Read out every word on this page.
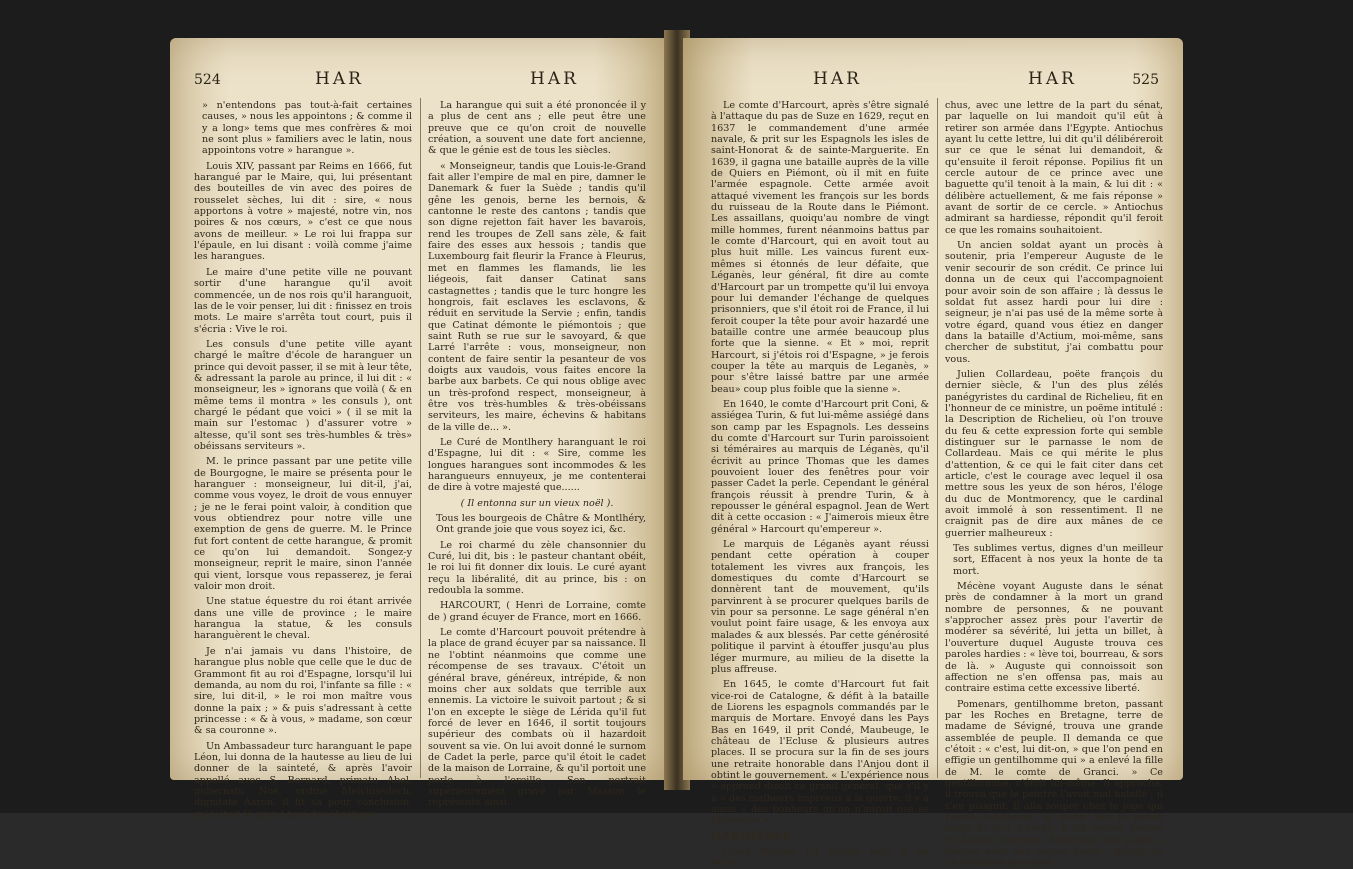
524	HAR	HAR

» n'entendons pas tout-à-fait certaines causes, » nous les appointons ; & comme il y a long» tems que mes confrères & moi ne sont plus » familiers avec le latin, nous appointons votre » harangue ».

Louis XIV, passant par Reims en 1666, fut harangué par le Maire, qui, lui présentant des bouteilles de vin avec des poires de rousselet sèches, lui dit : sire, « nous apportons à votre » majesté, notre vin, nos poires & nos cœurs, » c'est ce que nous avons de meilleur. » Le roi lui frappa sur l'épaule, en lui disant : voilà comme j'aime les harangues.

Le maire d'une petite ville ne pouvant sortir d'une harangue qu'il avoit commencée, un de nos rois qu'il haranguoit, las de le voir penser, lui dit : finissez en trois mots. Le maire s'arrêta tout court, puis il s'écria : Vive le roi.

Les consuls d'une petite ville ayant chargé le maître d'école de haranguer un prince qui devoit passer, il se mit à leur tête, & adressant la parole au prince, il lui dit : « monseigneur, les » ignorans que voilà ( & en même tems il montra » les consuls ), ont chargé le pédant que voici » ( il se mit la main sur l'estomac ) d'assurer votre » altesse, qu'il sont ses très-humbles & très» obéissans serviteurs ».

M. le prince passant par une petite ville de Bourgogne, le maire se présenta pour le haranguer : monseigneur, lui dit-il, j'ai, comme vous voyez, le droit de vous ennuyer ; je ne le ferai point valoir, à condition que vous obtiendrez pour notre ville une exemption de gens de guerre. M. le Prince fut fort content de cette harangue, & promit ce qu'on lui demandoit. Songez-y monseigneur, reprit le maire, sinon l'année qui vient, lorsque vous repasserez, je ferai valoir mon droit.

Une statue équestre du roi étant arrivée dans une ville de province ; le maire harangua la statue, & les consuls haranguèrent le cheval.

Je n'ai jamais vu dans l'histoire, de harangue plus noble que celle que le duc de Grammont fit au roi d'Espagne, lorsqu'il lui demanda, au nom du roi, l'infante sa fille : « sire, lui dit-il, » le roi mon maître vous donne la paix ; » & puis s'adressant à cette princesse : « & à vous, » madame, son cœur & sa couronne ».

Un Ambassadeur turc haranguant le pape Léon, lui donna de la hautesse au lieu de lui donner de la sainteté, & après l'avoir appellé avec S. Bernard, primatu Abel, gubernatu Noé, ordine Melchisédech, dignitate Aaron, il fit sa pour conclusion, qu'il étoit le grand turc des chrétiens.

La harangue qui suit a été prononcée il y a plus de cent ans ; elle peut être une preuve que ce qu'on croit de nouvelle création, a souvent une date fort ancienne, & que le génie est de tous les siècles.

« Monseigneur, tandis que Louis-le-Grand fait aller l'empire de mal en pire, damner le Danemark & fuer la Suède ; tandis qu'il gêne les genois, berne les bernois, & cantonne le reste des cantons ; tandis que son digne rejetton fait haver les bavarois, rend les troupes de Zell sans zèle, & fait faire des esses aux hessois ; tandis que Luxembourg fait fleurir la France à Fleurus, met en flammes les flamands, lie les liégeois, fait danser Catinat sans castagnettes ; tandis que le turc hongre les hongrois, fait esclaves les esclavons, & réduit en servitude la Servie ; enfin, tandis que Catinat démonte le piémontois ; que saint Ruth se rue sur le savoyard, & que Larré l'arrête : vous, monseigneur, non content de faire sentir la pesanteur de vos doigts aux vaudois, vous faites encore la barbe aux barbets. Ce qui nous oblige avec un très-profond respect, monseigneur, à être vos très-humbles & très-obéissans serviteurs, les maire, échevins & habitans de la ville de... ».

Le Curé de Montlhery haranguant le roi d'Espagne, lui dit : « Sire, comme les longues harangues sont incommodes & les harangueurs ennuyeux, je me contenterai de dire à votre majesté que......

( Il entonna sur un vieux noël ).

Tous les bourgeois de Châtre & Montlhéry, Ont grande joie que vous soyez ici, &c.

Le roi charmé du zèle chansonnier du Curé, lui dit, bis : le pasteur chantant obéit, le roi lui fit donner dix louis. Le curé ayant reçu la libéralité, dit au prince, bis : on redoubla la somme.

HARCOURT, ( Henri de Lorraine, comte de ) grand écuyer de France, mort en 1666.

Le comte d'Harcourt pouvoit prétendre à la place de grand écuyer par sa naissance. Il ne l'obtint néanmoins que comme une récompense de ses travaux. C'étoit un général brave, généreux, intrépide, & non moins cher aux soldats que terrible aux ennemis. La victoire le suivoit partout ; & si l'on en excepte le siège de Lérida qu'il fut forcé de lever en 1646, il sortit toujours supérieur des combats où il hazardoit souvent sa vie. On lui avoit donné le surnom de Cadet la perle, parce qu'il étoit le cadet de la maison de Lorraine, & qu'il portoit une perle à l'oreille. Son portrait supérieurement gravé par Masson le représente ainsi.

HAR	HAR	525

Le comte d'Harcourt, après s'être signalé à l'attaque du pas de Suze en 1629, reçut en 1637 le commandement d'une armée navale, & prit sur les Espagnols les isles de saint-Honorat & de sainte-Marguerite. En 1639, il gagna une bataille auprès de la ville de Quiers en Piémont, où il mit en fuite l'armée espagnole. Cette armée avoit attaqué vivement les françois sur les bords du ruisseau de la Route dans le Piémont. Les assaillans, quoiqu'au nombre de vingt mille hommes, furent néanmoins battus par le comte d'Harcourt, qui en avoit tout au plus huit mille. Les vaincus furent eux-mêmes si étonnés de leur défaite, que Léganès, leur général, fit dire au comte d'Harcourt par un trompette qu'il lui envoya pour lui demander l'échange de quelques prisonniers, que s'il étoit roi de France, il lui feroit couper la tête pour avoir hazardé une bataille contre une armée beaucoup plus forte que la sienne. « Et » moi, reprit Harcourt, si j'étois roi d'Espagne, » je ferois couper la tête au marquis de Leganès, » pour s'être laissé battre par une armée beau» coup plus foible que la sienne ».

En 1640, le comte d'Harcourt prit Coni, & assiégea Turin, & fut lui-même assiégé dans son camp par les Espagnols. Les desseins du comte d'Harcourt sur Turin paroissoient si téméraires au marquis de Léganès, qu'il écrivit au prince Thomas que les dames pouvoient louer des fenêtres pour voir passer Cadet la perle. Cependant le général françois réussit à prendre Turin, & à repousser le général espagnol. Jean de Wert dit à cette occasion : « J'aimerois mieux être général » Harcourt qu'empereur ».

Le marquis de Léganès ayant réussi pendant cette opération à couper totalement les vivres aux françois, les domestiques du comte d'Harcourt se donnèrent tant de mouvement, qu'ils parvinrent à se procurer quelques barils de vin pour sa personne. Le sage général n'en voulut point faire usage, & les envoya aux malades & aux blessés. Par cette générosité politique il parvint à étouffer jusqu'au plus léger murmure, au milieu de la disette la plus affreuse.

En 1645, le comte d'Harcourt fut fait vice-roi de Catalogne, & défit à la bataille de Liorens les espagnols commandés par le marquis de Mortare. Envoyé dans les Pays Bas en 1649, il prit Condé, Maubeuge, le château de l'Ecluse & plusieurs autres places. Il se procura sur la fin de ses jours une retraite honorable dans l'Anjou dont il obtint le gouvernement. « L'expérience nous » apprend disoit ce grand général, que s'il y a » des malheurs imprévus à la guerre, il y a aussi » des bonheurs qu'on n'auroit osé se promettre ».

HARDIESSE.

Caius Popilius fut envoyé vers le roi Antio-

chus, avec une lettre de la part du sénat, par laquelle on lui mandoit qu'il eût à retirer son armée dans l'Egypte. Antiochus ayant lu cette lettre, lui dit qu'il délibéreroit sur ce que le sénat lui demandoit, & qu'ensuite il feroit réponse. Popilius fit un cercle autour de ce prince avec une baguette qu'il tenoit à la main, & lui dit : « délibère actuellement, & me fais réponse » avant de sortir de ce cercle. » Antiochus admirant sa hardiesse, répondit qu'il feroit ce que les romains souhaitoient.

Un ancien soldat ayant un procès à soutenir, pria l'empereur Auguste de le venir secourir de son crédit. Ce prince lui donna un de ceux qui l'accompagnoient pour avoir soin de son affaire ; là dessus le soldat fut assez hardi pour lui dire : seigneur, je n'ai pas usé de la même sorte à votre égard, quand vous étiez en danger dans la bataille d'Actium, moi-même, sans chercher de substitut, j'ai combattu pour vous.

Julien Collardeau, poëte françois du dernier siècle, & l'un des plus zélés panégyristes du cardinal de Richelieu, fit en l'honneur de ce ministre, un poëme intitulé : la Description de Richelieu, où l'on trouve du feu & cette expression forte qui semble distinguer sur le parnasse le nom de Collardeau. Mais ce qui mérite le plus d'attention, & ce qui le fait citer dans cet article, c'est le courage avec lequel il osa mettre sous les yeux de son héros, l'éloge du duc de Montmorency, que le cardinal avoit immolé à son ressentiment. Il ne craignit pas de dire aux mânes de ce guerrier malheureux :

Tes sublimes vertus, dignes d'un meilleur sort, Effacent à nos yeux la honte de ta mort.

Mécène voyant Auguste dans le sénat près de condamner à la mort un grand nombre de personnes, & ne pouvant s'approcher assez près pour l'avertir de modérer sa sévérité, lui jetta un billet, à l'ouverture duquel Auguste trouva ces paroles hardies : « lève toi, bourreau, & sors de là. » Auguste qui connoissoit son affection ne s'en offensa pas, mais au contraire estima cette excessive liberté.

Pomenars, gentilhomme breton, passant par les Roches en Bretagne, terre de madame de Sévigné, trouva une grande assemblée de peuple. Il demanda ce que c'étoit : « c'est, lui dit-on, » que l'on pend en effigie un gentilhomme qui » a enlevé la fille de M. le comte de Granci. » Ce gentilhomme, c'étoit lui-même. Il approcha, il trouva que le peintre l'avoit mal habillé ; il s'en plaignit. Il alla souper chez le juge qui l'avoit condamné, & partit dès le grand matin le jour d'après. Il fut encore accusé de fausse monnoie. Sollicitant ses Juges à Rennes avec une longue barbe ; quelqu'un lui demanda pourquoi
